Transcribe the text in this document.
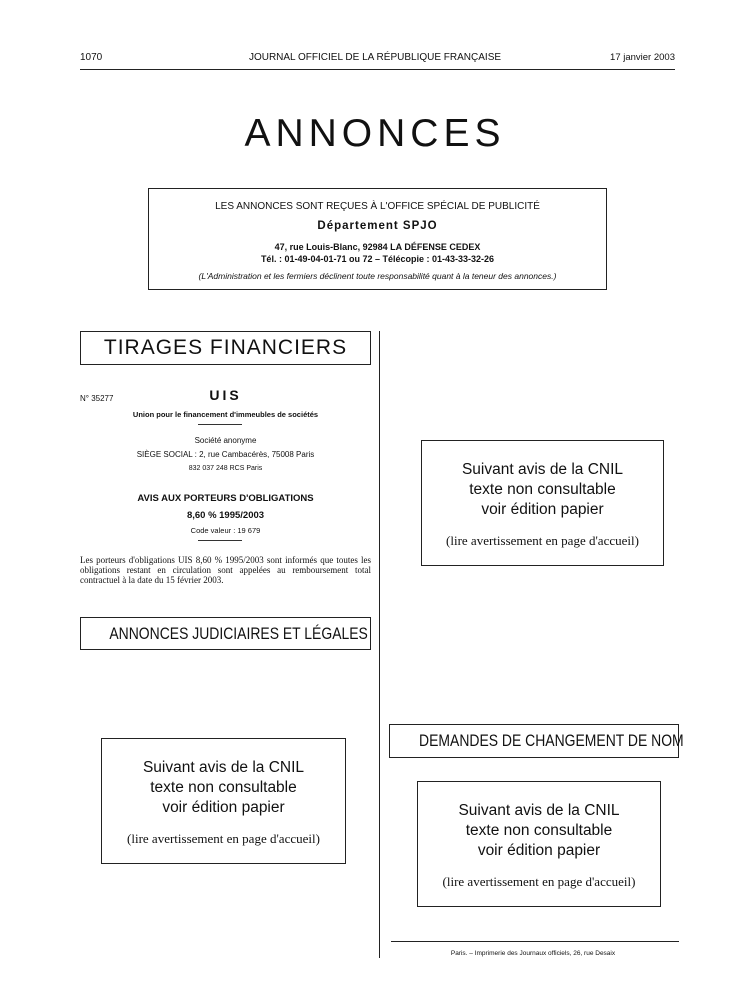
1070	JOURNAL OFFICIEL DE LA RÉPUBLIQUE FRANÇAISE	17 janvier 2003
ANNONCES
LES ANNONCES SONT REÇUES À L'OFFICE SPÉCIAL DE PUBLICITÉ
Département SPJO
47, rue Louis-Blanc, 92984 LA DÉFENSE CEDEX
Tél. : 01-49-04-01-71 ou 72 – Télécopie : 01-43-33-32-26
(L'Administration et les fermiers déclinent toute responsabilité quant à la teneur des annonces.)
TIRAGES FINANCIERS
N° 35277	UIS
Union pour le financement d'immeubles de sociétés
Société anonyme
SIÈGE SOCIAL : 2, rue Cambacérès, 75008 Paris
832 037 248 RCS Paris
AVIS AUX PORTEURS D'OBLIGATIONS
8,60 % 1995/2003
Code valeur : 19 679
Les porteurs d'obligations UIS 8,60 % 1995/2003 sont informés que toutes les obligations restant en circulation sont appelées au remboursement total contractuel à la date du 15 février 2003.
ANNONCES JUDICIAIRES ET LÉGALES
Suivant avis de la CNIL
texte non consultable
voir édition papier
(lire avertissement en page d'accueil)
Suivant avis de la CNIL
texte non consultable
voir édition papier
(lire avertissement en page d'accueil)
DEMANDES DE CHANGEMENT DE NOM
Suivant avis de la CNIL
texte non consultable
voir édition papier
(lire avertissement en page d'accueil)
Paris. – Imprimerie des Journaux officiels, 26, rue Desaix
